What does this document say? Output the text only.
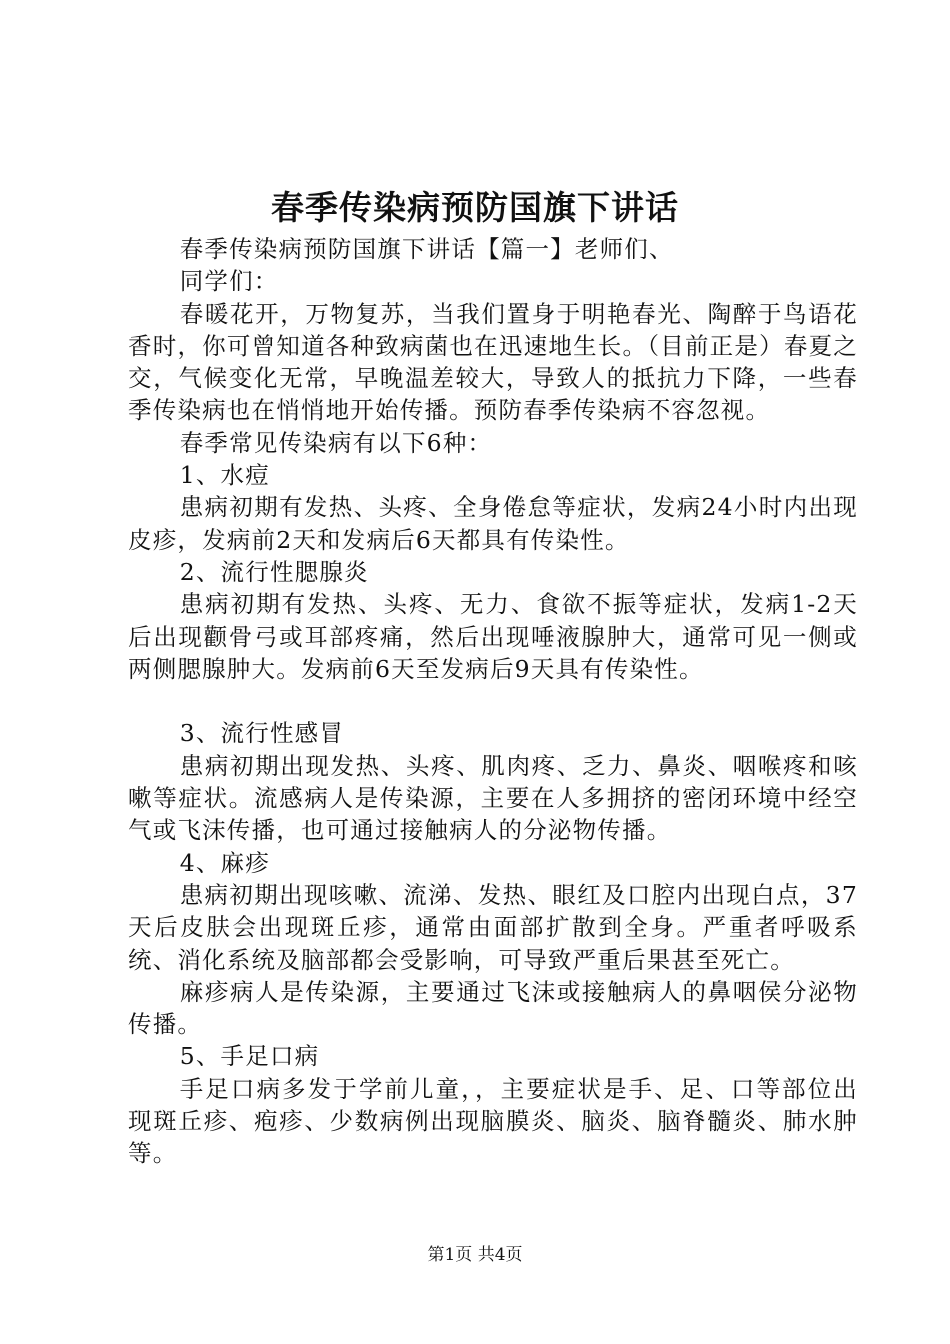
春季传染病预防国旗下讲话

春季传染病预防国旗下讲话【篇一】老师们、

同学们：

春暖花开，万物复苏，当我们置身于明艳春光、陶醉于鸟语花香时，你可曾知道各种致病菌也在迅速地生长。（目前正是）春夏之交，气候变化无常，早晚温差较大，导致人的抵抗力下降，一些春季传染病也在悄悄地开始传播。预防春季传染病不容忽视。

春季常见传染病有以下6种：

1、水痘

患病初期有发热、头疼、全身倦怠等症状，发病24小时内出现皮疹，发病前2天和发病后6天都具有传染性。

2、流行性腮腺炎

患病初期有发热、头疼、无力、食欲不振等症状，发病1-2天后出现颧骨弓或耳部疼痛，然后出现唾液腺肿大，通常可见一侧或两侧腮腺肿大。发病前6天至发病后9天具有传染性。

3、流行性感冒

患病初期出现发热、头疼、肌肉疼、乏力、鼻炎、咽喉疼和咳嗽等症状。流感病人是传染源，主要在人多拥挤的密闭环境中经空气或飞沫传播，也可通过接触病人的分泌物传播。

4、麻疹

患病初期出现咳嗽、流涕、发热、眼红及口腔内出现白点，37天后皮肤会出现斑丘疹，通常由面部扩散到全身。严重者呼吸系统、消化系统及脑部都会受影响，可导致严重后果甚至死亡。

麻疹病人是传染源，主要通过飞沫或接触病人的鼻咽侯分泌物传播。

5、手足口病

手足口病多发于学前儿童，，主要症状是手、足、口等部位出现斑丘疹、疱疹、少数病例出现脑膜炎、脑炎、脑脊髓炎、肺水肿等。

第1页 共4页
